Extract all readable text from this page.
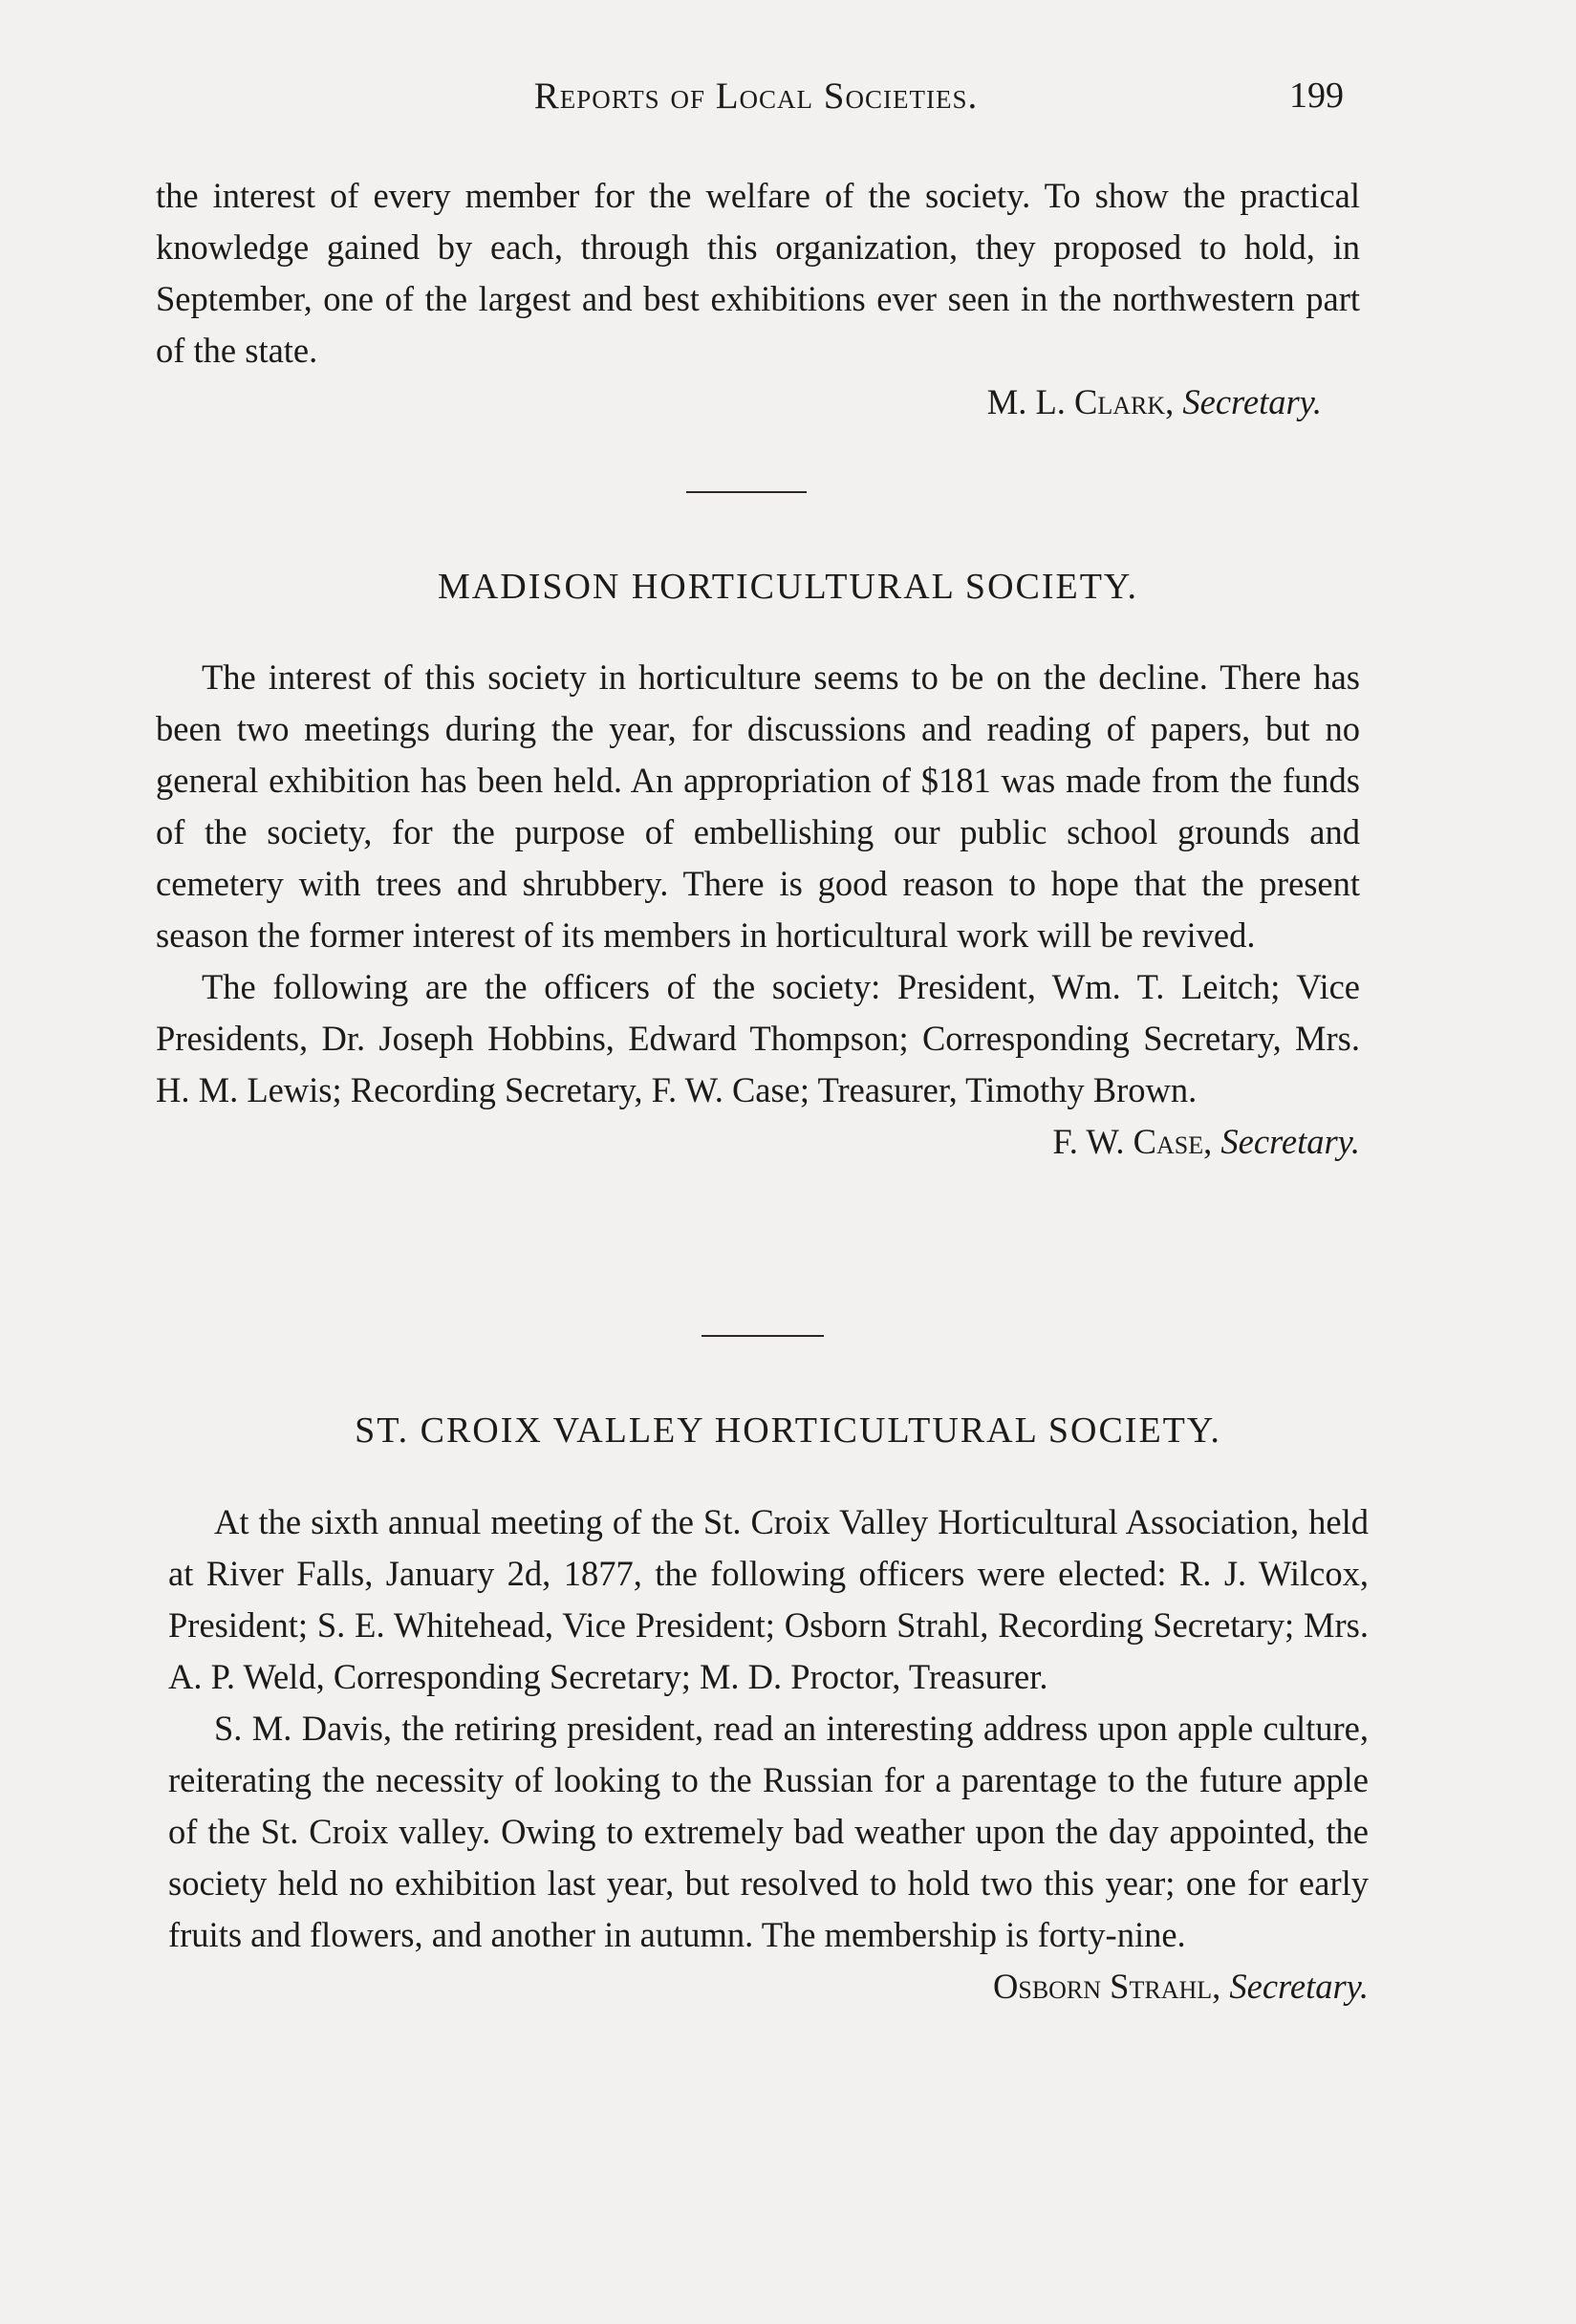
Reports of Local Societies.	199

the interest of every member for the welfare of the society. To show the practical knowledge gained by each, through this organization, they proposed to hold, in September, one of the largest and best exhibitions ever seen in the northwestern part of the state.

M. L. Clark, Secretary.
MADISON HORTICULTURAL SOCIETY.

The interest of this society in horticulture seems to be on the decline. There has been two meetings during the year, for discussions and reading of papers, but no general exhibition has been held. An appropriation of $181 was made from the funds of the society, for the purpose of embellishing our public school grounds and cemetery with trees and shrubbery. There is good reason to hope that the present season the former interest of its members in horticultural work will be revived.

The following are the officers of the society: President, Wm. T. Leitch; Vice Presidents, Dr. Joseph Hobbins, Edward Thompson; Corresponding Secretary, Mrs. H. M. Lewis; Recording Secretary, F. W. Case; Treasurer, Timothy Brown.
F. W. Case, Secretary.

ST. CROIX VALLEY HORTICULTURAL SOCIETY.

At the sixth annual meeting of the St. Croix Valley Horticultural Association, held at River Falls, January 2d, 1877, the following officers were elected: R. J. Wilcox, President; S. E. Whitehead, Vice President; Osborn Strahl, Recording Secretary; Mrs. A. P. Weld, Corresponding Secretary; M. D. Proctor, Treasurer.

S. M. Davis, the retiring president, read an interesting address upon apple culture, reiterating the necessity of looking to the Russian for a parentage to the future apple of the St. Croix valley. Owing to extremely bad weather upon the day appointed, the society held no exhibition last year, but resolved to hold two this year; one for early fruits and flowers, and another in autumn. The membership is forty-nine.
Osborn Strahl, Secretary.
